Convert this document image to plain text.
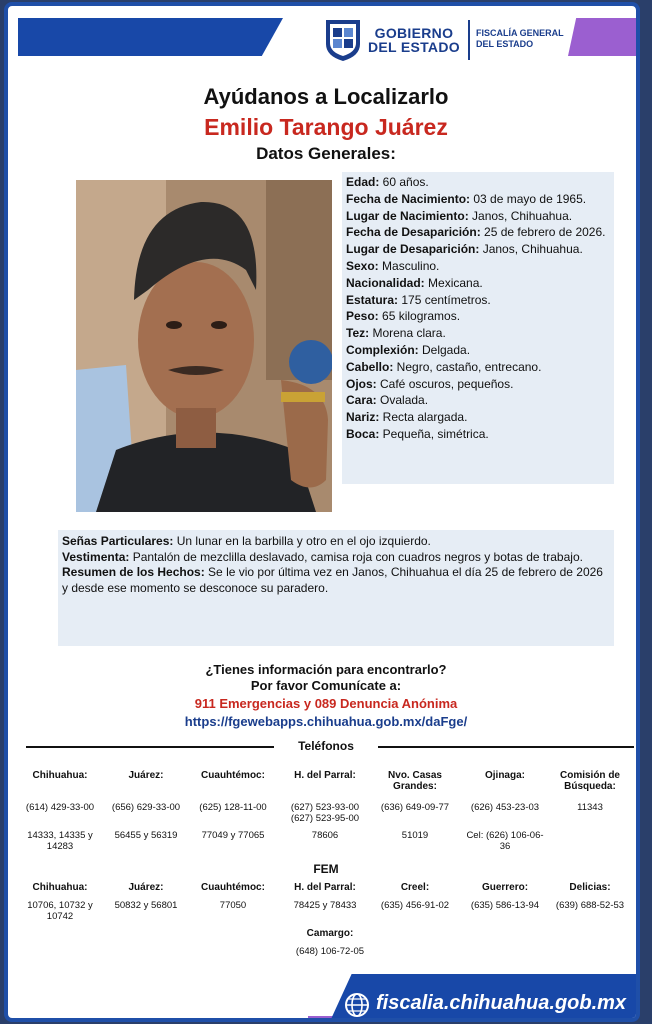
GOBIERNO
DEL ESTADO
FISCALÍA GENERAL
DEL ESTADO
Ayúdanos a Localizarlo
Emilio Tarango Juárez
Datos Generales:
Edad: 60 años.
Fecha de Nacimiento: 03 de mayo de 1965.
Lugar de Nacimiento: Janos, Chihuahua.
Fecha de Desaparición: 25 de febrero de 2026.
Lugar de Desaparición: Janos, Chihuahua.
Sexo: Masculino.
Nacionalidad: Mexicana.
Estatura: 175 centímetros.
Peso: 65 kilogramos.
Tez: Morena clara.
Complexión: Delgada.
Cabello: Negro, castaño, entrecano.
Ojos: Café oscuros, pequeños.
Cara: Ovalada.
Nariz: Recta alargada.
Boca: Pequeña, simétrica.
Señas Particulares: Un lunar en la barbilla y otro en el ojo izquierdo.
Vestimenta: Pantalón de mezclilla deslavado, camisa roja con cuadros negros y botas de trabajo.
Resumen de los Hechos: Se le vio por última vez en Janos, Chihuahua el día 25 de febrero de 2026 y desde ese momento se desconoce su paradero.
¿Tienes información para encontrarlo?
Por favor Comunícate a:
911 Emergencias y 089 Denuncia Anónima
https://fgewebapps.chihuahua.gob.mx/daFge/
Teléfonos
Chihuahua:
(614) 429-33-00
14333, 14335 y 14283
Juárez:
(656) 629-33-00
56455 y 56319
Cuauhtémoc:
(625) 128-11-00
77049 y 77065
H. del Parral:
(627) 523-93-00 (627) 523-95-00
78606
Nvo. Casas Grandes:
(636) 649-09-77
51019
Ojinaga:
(626) 453-23-03
Cel: (626) 106-06-36
Comisión de Búsqueda:
11343
FEM
Chihuahua:
10706, 10732 y 10742
Juárez:
50832 y 56801
Cuauhtémoc:
77050
H. del Parral:
78425 y 78433
Creel:
(635) 456-91-02
Guerrero:
(635) 586-13-94
Delicias:
(639) 688-52-53
Camargo:
(648) 106-72-05
fiscalia.chihuahua.gob.mx
